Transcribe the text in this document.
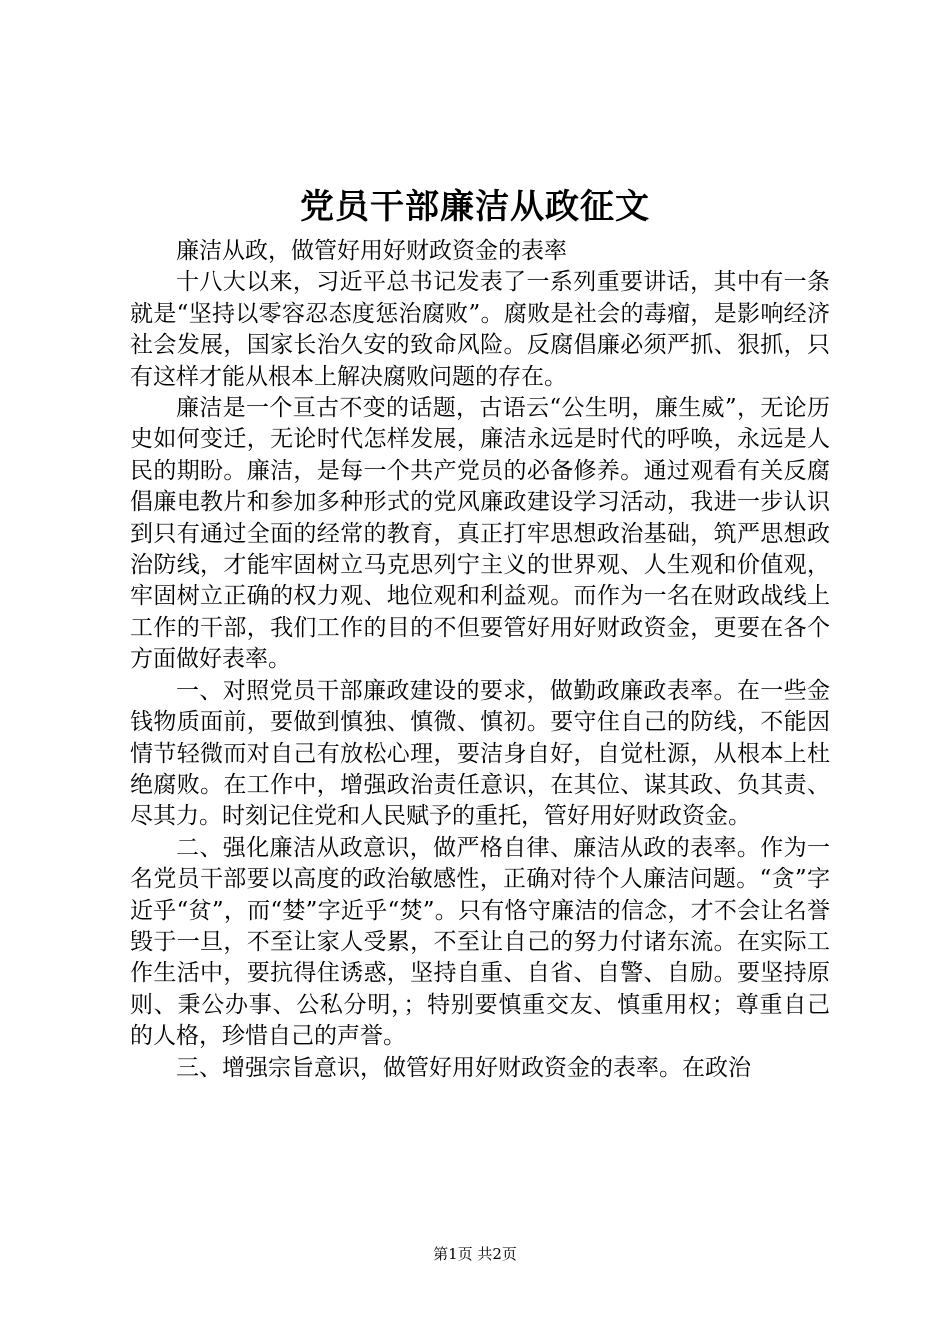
党员干部廉洁从政征文

廉洁从政，做管好用好财政资金的表率

十八大以来，习近平总书记发表了一系列重要讲话，其中有一条就是“坚持以零容忍态度惩治腐败”。腐败是社会的毒瘤，是影响经济社会发展，国家长治久安的致命风险。反腐倡廉必须严抓、狠抓，只有这样才能从根本上解决腐败问题的存在。

廉洁是一个亘古不变的话题，古语云“公生明，廉生威”，无论历史如何变迁，无论时代怎样发展，廉洁永远是时代的呼唤，永远是人民的期盼。廉洁，是每一个共产党员的必备修养。通过观看有关反腐倡廉电教片和参加多种形式的党风廉政建设学习活动，我进一步认识到只有通过全面的经常的教育，真正打牢思想政治基础，筑严思想政治防线，才能牢固树立马克思列宁主义的世界观、人生观和价值观，牢固树立正确的权力观、地位观和利益观。而作为一名在财政战线上工作的干部，我们工作的目的不但要管好用好财政资金，更要在各个方面做好表率。

一、对照党员干部廉政建设的要求，做勤政廉政表率。在一些金钱物质面前，要做到慎独、慎微、慎初。要守住自己的防线，不能因情节轻微而对自己有放松心理，要洁身自好，自觉杜源，从根本上杜绝腐败。在工作中，增强政治责任意识，在其位、谋其政、负其责、尽其力。时刻记住党和人民赋予的重托，管好用好财政资金。

二、强化廉洁从政意识，做严格自律、廉洁从政的表率。作为一名党员干部要以高度的政治敏感性，正确对待个人廉洁问题。“贪”字近乎“贫”，而“婪”字近乎“焚”。只有恪守廉洁的信念，才不会让名誉毁于一旦，不至让家人受累，不至让自己的努力付诸东流。在实际工作生活中，要抗得住诱惑，坚持自重、自省、自警、自励。要坚持原则、秉公办事、公私分明，；特别要慎重交友、慎重用权；尊重自己的人格，珍惜自己的声誉。

三、增强宗旨意识，做管好用好财政资金的表率。在政治

第1页 共2页
